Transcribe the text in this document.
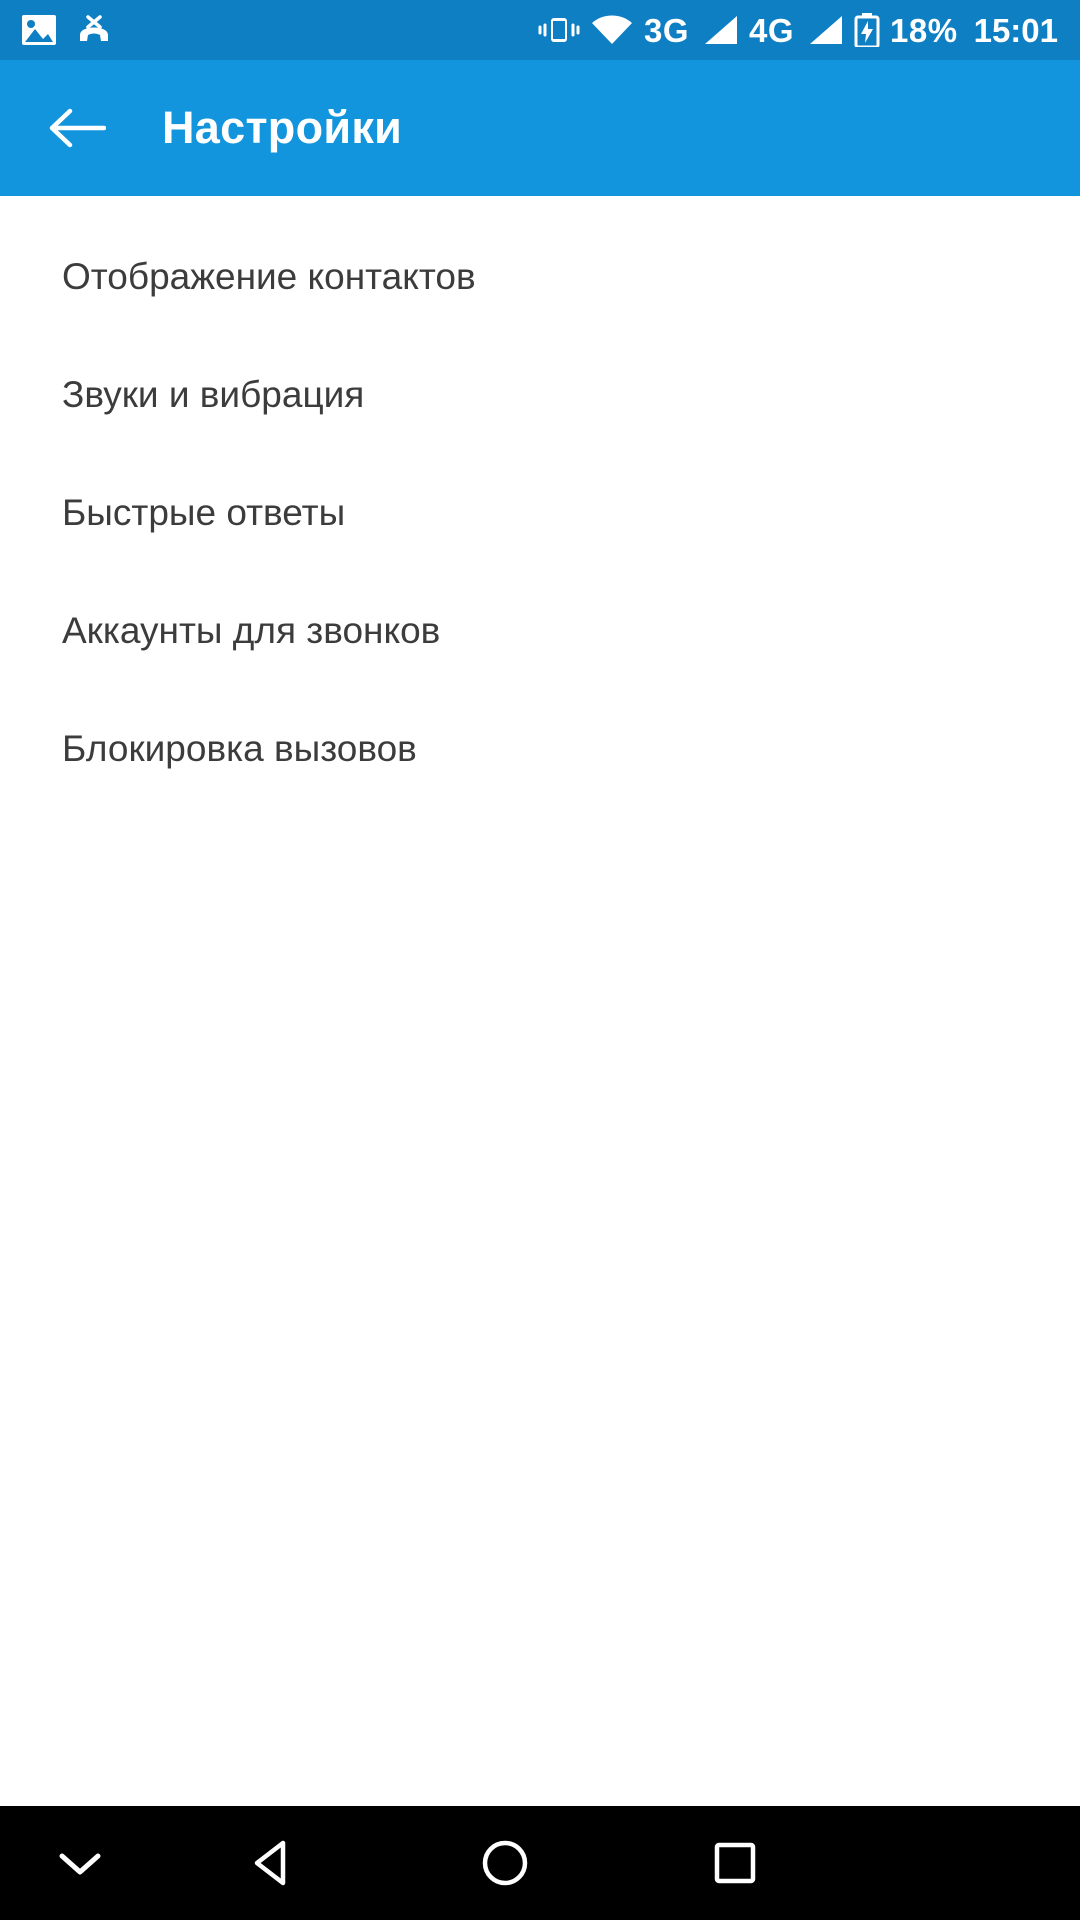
3G 4G	18% 15:01
Настройки
Отображение контактов
Звуки и вибрация
Быстрые ответы
Аккаунты для звонков
Блокировка вызовов
